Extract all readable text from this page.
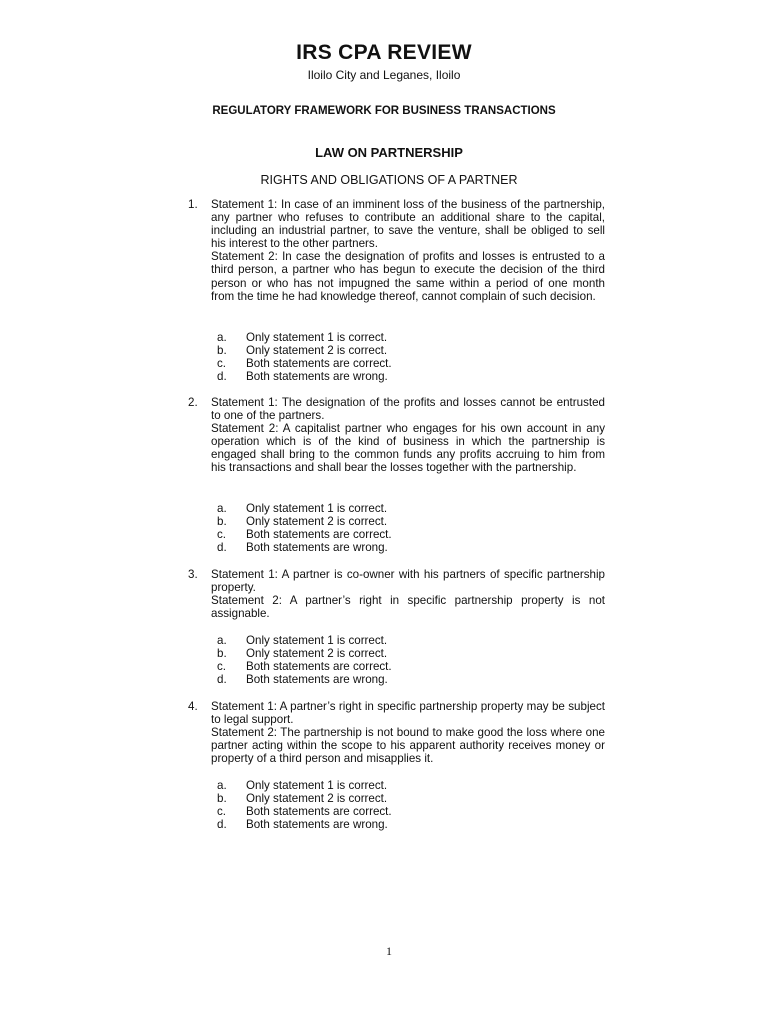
IRS CPA REVIEW
Iloilo City and Leganes, Iloilo
REGULATORY FRAMEWORK FOR BUSINESS TRANSACTIONS
LAW ON PARTNERSHIP
RIGHTS AND OBLIGATIONS OF A PARTNER
1. Statement 1: In case of an imminent loss of the business of the partnership, any partner who refuses to contribute an additional share to the capital, including an industrial partner, to save the venture, shall be obliged to sell his interest to the other partners.

Statement 2: In case the designation of profits and losses is entrusted to a third person, a partner who has begun to execute the decision of the third person or who has not impugned the same within a period of one month from the time he had knowledge thereof, cannot complain of such decision.

a. Only statement 1 is correct.
b. Only statement 2 is correct.
c. Both statements are correct.
d. Both statements are wrong.
2. Statement 1: The designation of the profits and losses cannot be entrusted to one of the partners.

Statement 2: A capitalist partner who engages for his own account in any operation which is of the kind of business in which the partnership is engaged shall bring to the common funds any profits accruing to him from his transactions and shall bear the losses together with the partnership.

a. Only statement 1 is correct.
b. Only statement 2 is correct.
c. Both statements are correct.
d. Both statements are wrong.
3. Statement 1: A partner is co-owner with his partners of specific partnership property.

Statement 2: A partner’s right in specific partnership property is not assignable.

a. Only statement 1 is correct.
b. Only statement 2 is correct.
c. Both statements are correct.
d. Both statements are wrong.
4. Statement 1: A partner’s right in specific partnership property may be subject to legal support.

Statement 2: The partnership is not bound to make good the loss where one partner acting within the scope to his apparent authority receives money or property of a third person and misapplies it.

a. Only statement 1 is correct.
b. Only statement 2 is correct.
c. Both statements are correct.
d. Both statements are wrong.
1
